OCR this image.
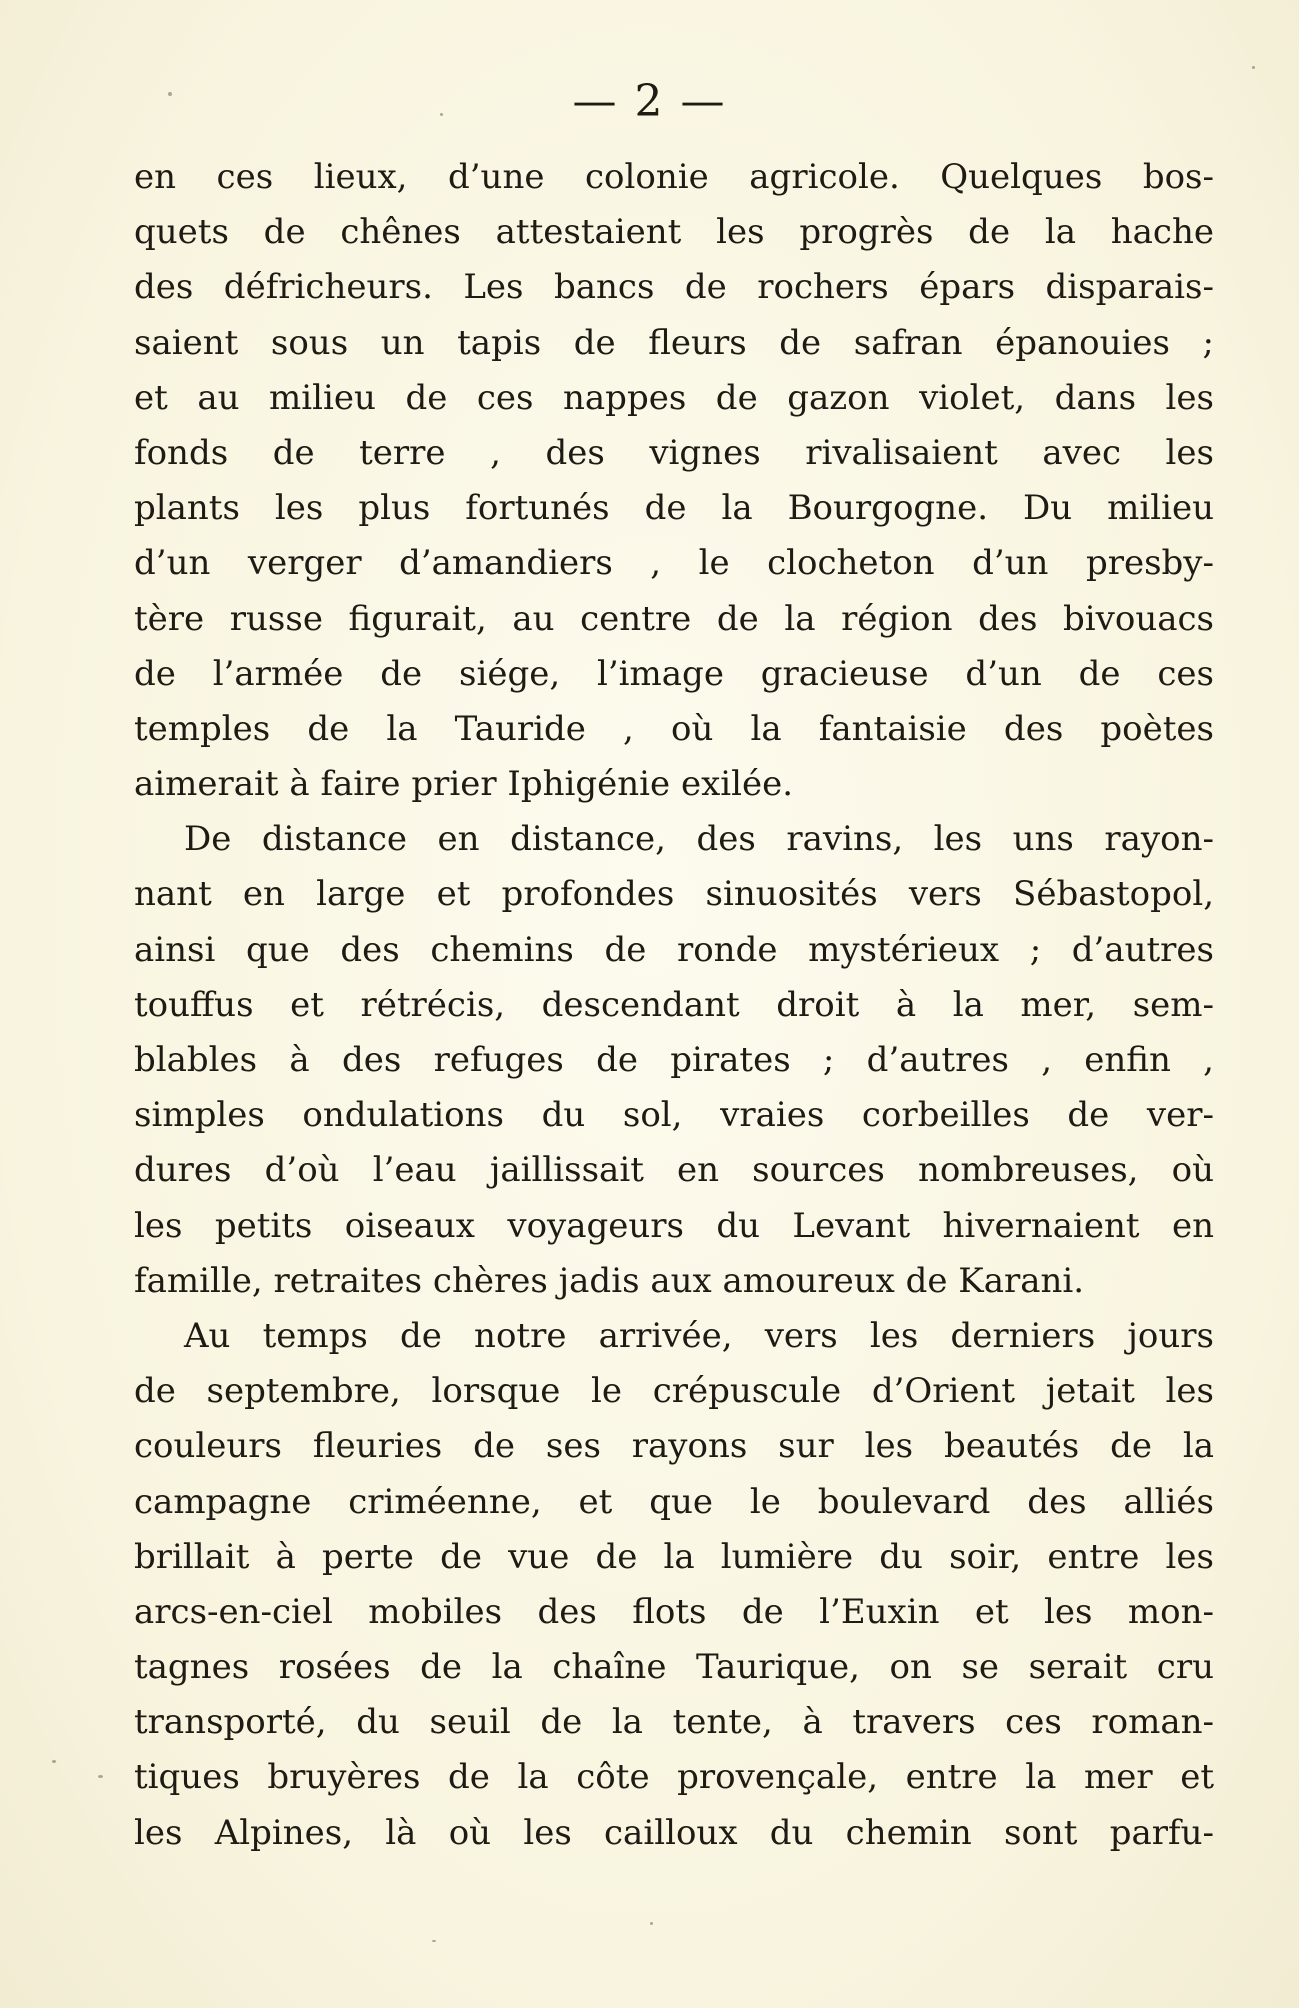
— 2 —
en ces lieux, d’une colonie agricole. Quelques bos-
quets de chênes attestaient les progrès de la hache
des défricheurs. Les bancs de rochers épars disparais-
saient sous un tapis de fleurs de safran épanouies ;
et au milieu de ces nappes de gazon violet, dans les
fonds de terre , des vignes rivalisaient avec les
plants les plus fortunés de la Bourgogne. Du milieu
d’un verger d’amandiers , le clocheton d’un presby-
tère russe figurait, au centre de la région des bivouacs
de l’armée de siége, l’image gracieuse d’un de ces
temples de la Tauride , où la fantaisie des poètes
aimerait à faire prier Iphigénie exilée.
De distance en distance, des ravins, les uns rayon-
nant en large et profondes sinuosités vers Sébastopol,
ainsi que des chemins de ronde mystérieux ; d’autres
touffus et rétrécis, descendant droit à la mer, sem-
blables à des refuges de pirates ; d’autres , enfin ,
simples ondulations du sol, vraies corbeilles de ver-
dures d’où l’eau jaillissait en sources nombreuses, où
les petits oiseaux voyageurs du Levant hivernaient en
famille, retraites chères jadis aux amoureux de Karani.
Au temps de notre arrivée, vers les derniers jours
de septembre, lorsque le crépuscule d’Orient jetait les
couleurs fleuries de ses rayons sur les beautés de la
campagne criméenne, et que le boulevard des alliés
brillait à perte de vue de la lumière du soir, entre les
arcs-en-ciel mobiles des flots de l’Euxin et les mon-
tagnes rosées de la chaîne Taurique, on se serait cru
transporté, du seuil de la tente, à travers ces roman-
tiques bruyères de la côte provençale, entre la mer et
les Alpines, là où les cailloux du chemin sont parfu-
